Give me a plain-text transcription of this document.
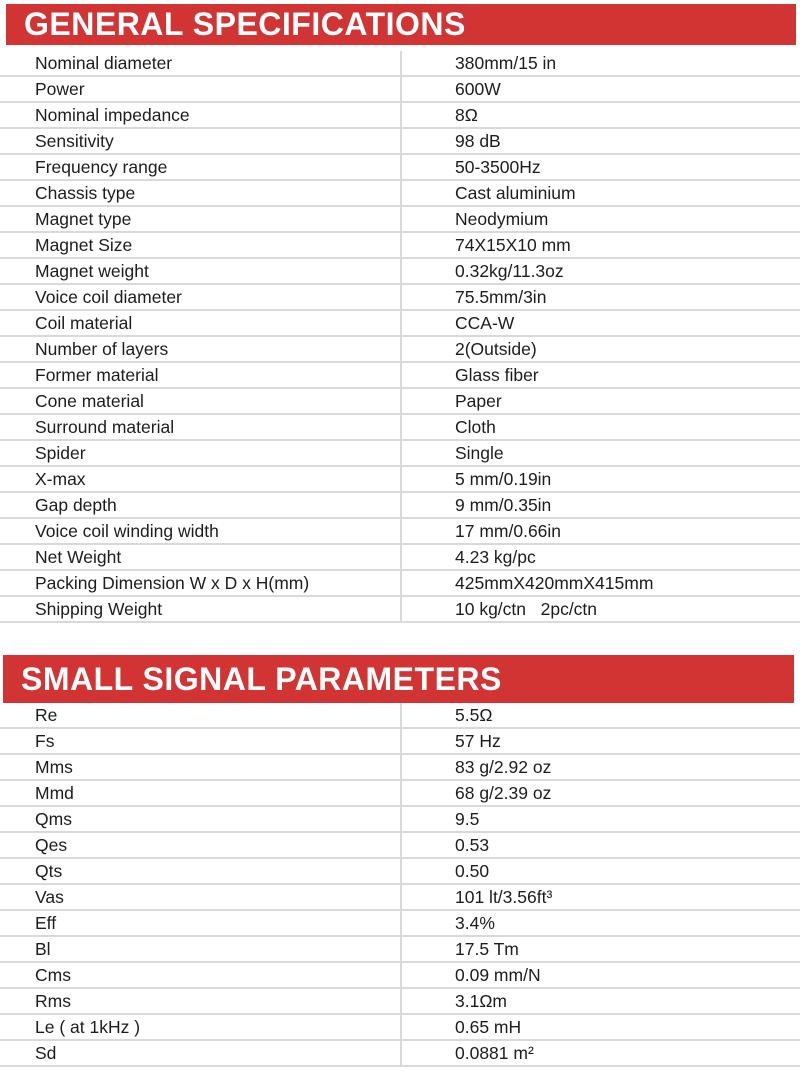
GENERAL SPECIFICATIONS
Nominal diameter	380mm/15 in
Power	600W
Nominal impedance	8Ω
Sensitivity	98 dB
Frequency range	50-3500Hz
Chassis type	Cast aluminium
Magnet type	Neodymium
Magnet Size	74X15X10 mm
Magnet weight	0.32kg/11.3oz
Voice coil diameter	75.5mm/3in
Coil material	CCA-W
Number of layers	2(Outside)
Former material	Glass fiber
Cone material	Paper
Surround material	Cloth
Spider	Single
X-max	5 mm/0.19in
Gap depth	9 mm/0.35in
Voice coil winding width	17 mm/0.66in
Net Weight	4.23 kg/pc
Packing Dimension W x D x H(mm)	425mmX420mmX415mm
Shipping Weight	10 kg/ctn   2pc/ctn
SMALL SIGNAL PARAMETERS
Re	5.5Ω
Fs	57 Hz
Mms	83 g/2.92 oz
Mmd	68 g/2.39 oz
Qms	9.5
Qes	0.53
Qts	0.50
Vas	101 lt/3.56ft³
Eff	3.4%
Bl	17.5 Tm
Cms	0.09 mm/N
Rms	3.1Ωm
Le ( at 1kHz )	0.65 mH
Sd	0.0881 m²
